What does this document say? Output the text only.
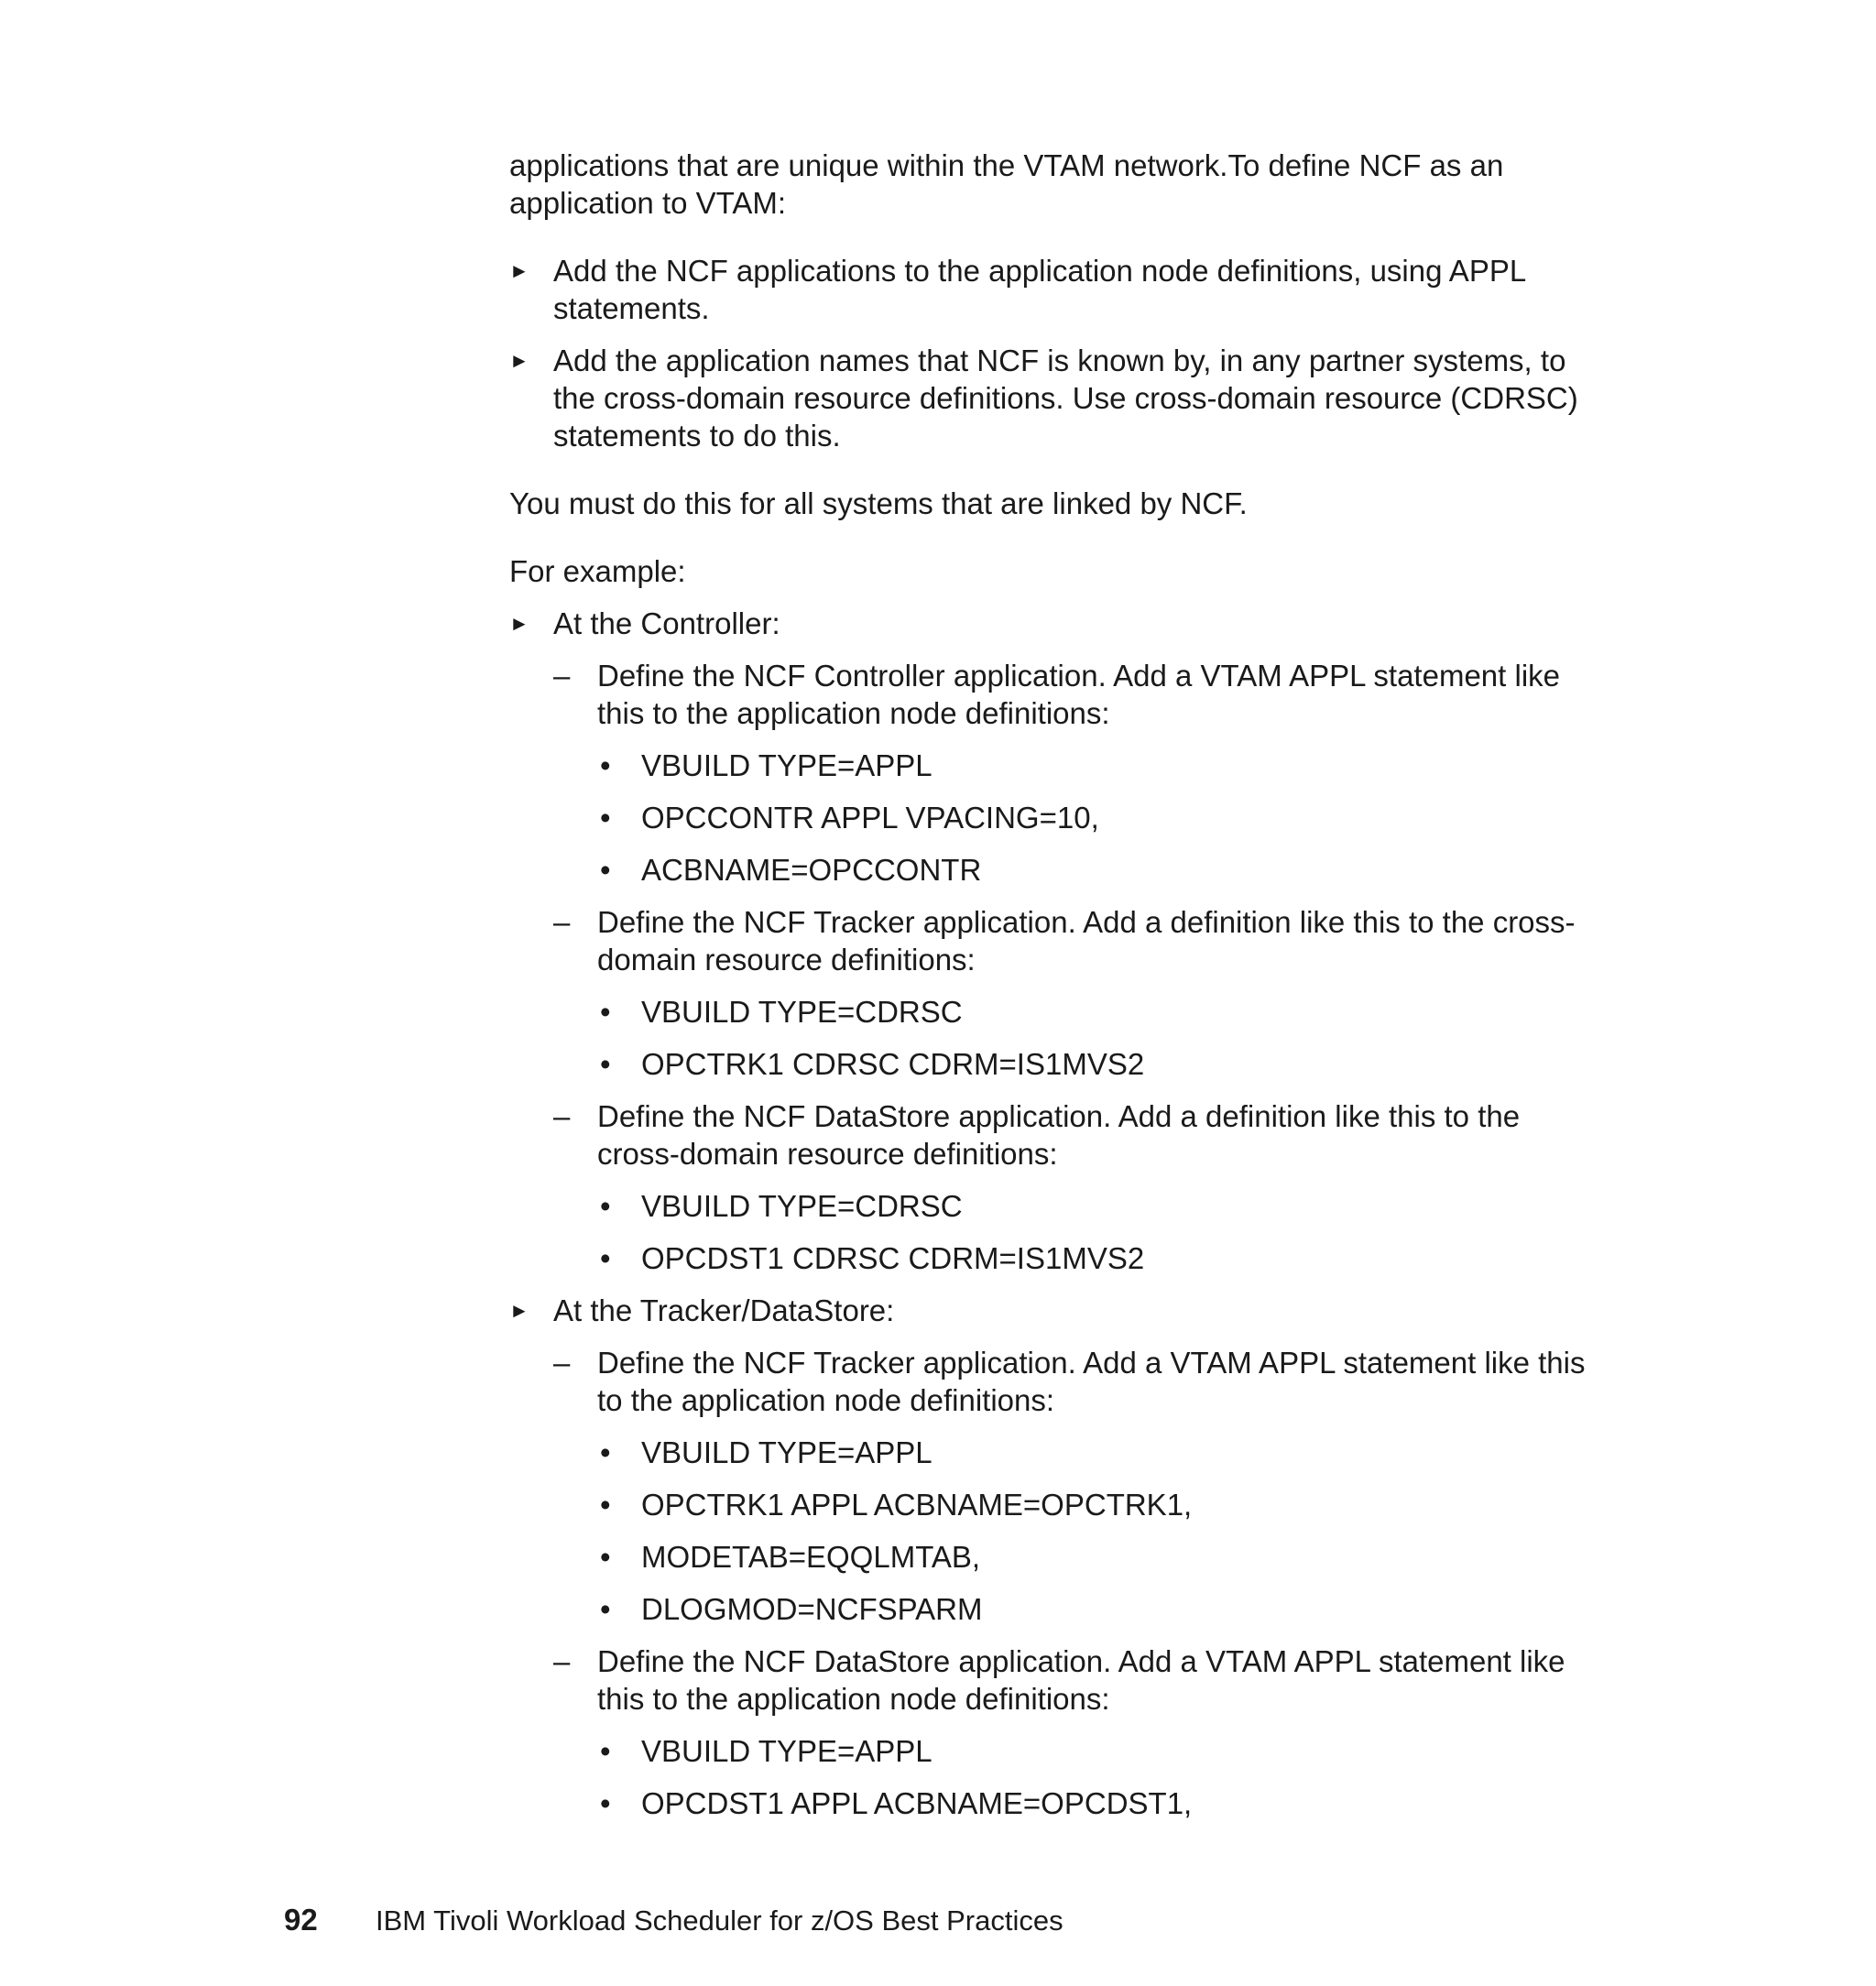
applications that are unique within the VTAM network.To define NCF as an application to VTAM:

► Add the NCF applications to the application node definitions, using APPL statements.
► Add the application names that NCF is known by, in any partner systems, to the cross-domain resource definitions. Use cross-domain resource (CDRSC) statements to do this.

You must do this for all systems that are linked by NCF.

For example:

► At the Controller:
– Define the NCF Controller application. Add a VTAM APPL statement like this to the application node definitions:
•	VBUILD TYPE=APPL
•	OPCCONTR APPL VPACING=10,
•	ACBNAME=OPCCONTR
– Define the NCF Tracker application. Add a definition like this to the cross-domain resource definitions:
•	VBUILD TYPE=CDRSC
•	OPCTRK1 CDRSC CDRM=IS1MVS2
– Define the NCF DataStore application. Add a definition like this to the cross-domain resource definitions:
•	VBUILD TYPE=CDRSC
•	OPCDST1 CDRSC CDRM=IS1MVS2
► At the Tracker/DataStore:
– Define the NCF Tracker application. Add a VTAM APPL statement like this to the application node definitions:
•	VBUILD TYPE=APPL
•	OPCTRK1 APPL ACBNAME=OPCTRK1,
•	MODETAB=EQQLMTAB,
•	DLOGMOD=NCFSPARM
– Define the NCF DataStore application. Add a VTAM APPL statement like this to the application node definitions:
•	VBUILD TYPE=APPL
•	OPCDST1 APPL ACBNAME=OPCDST1,
92 IBM Tivoli Workload Scheduler for z/OS Best Practices
